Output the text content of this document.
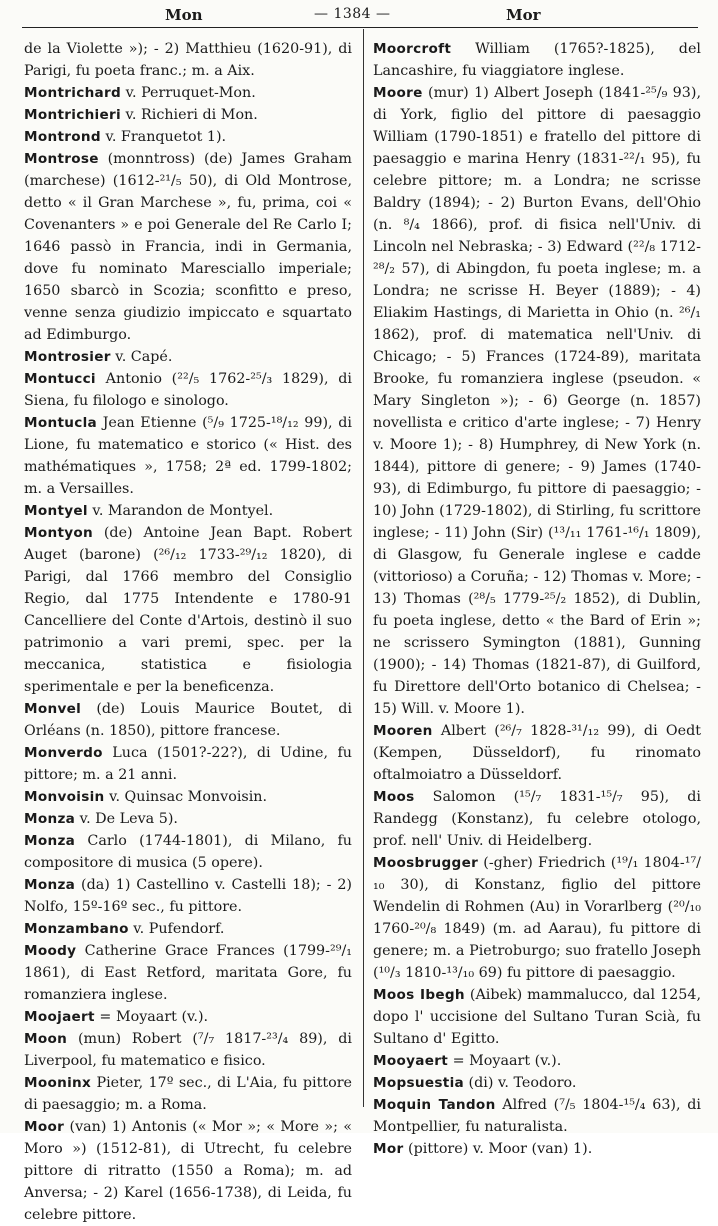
Mon	— 1384 —	Mor

de la Violette »); - 2) Matthieu (1620-91), di Parigi, fu poeta franc.; m. a Aix.

Montrichard v. Perruquet-Mon.

Montrichieri v. Richieri di Mon.

Montrond v. Franquetot 1).

Montrose (monntross) (de) James Graham (marchese) (1612-²¹/₅ 50), di Old Montrose, detto « il Gran Marchese », fu, prima, coi « Covenanters » e poi Generale del Re Carlo I; 1646 passò in Francia, indi in Germania, dove fu nominato Maresciallo imperiale; 1650 sbarcò in Scozia; sconfitto e preso, venne senza giudizio impiccato e squartato ad Edimburgo.

Montrosier v. Capé.

Montucci Antonio (²²/₅ 1762-²⁵/₃ 1829), di Siena, fu filologo e sinologo.

Montucla Jean Etienne (⁵/₉ 1725-¹⁸/₁₂ 99), di Lione, fu matematico e storico (« Hist. des mathématiques », 1758; 2ª ed. 1799-1802; m. a Versailles.

Montyel v. Marandon de Montyel.

Montyon (de) Antoine Jean Bapt. Robert Auget (barone) (²⁶/₁₂ 1733-²⁹/₁₂ 1820), di Parigi, dal 1766 membro del Consiglio Regio, dal 1775 Intendente e 1780-91 Cancelliere del Conte d'Artois, destinò il suo patrimonio a vari premi, spec. per la meccanica, statistica e fisiologia sperimentale e per la beneficenza.

Monvel (de) Louis Maurice Boutet, di Orléans (n. 1850), pittore francese.

Monverdo Luca (1501?-22?), di Udine, fu pittore; m. a 21 anni.

Monvoisin v. Quinsac Monvoisin.

Monza v. De Leva 5).

Monza Carlo (1744-1801), di Milano, fu compositore di musica (5 opere).

Monza (da) 1) Castellino v. Castelli 18); - 2) Nolfo, 15º-16º sec., fu pittore.

Monzambano v. Pufendorf.

Moody Catherine Grace Frances (1799-²⁹/₁ 1861), di East Retford, maritata Gore, fu romanziera inglese.

Moojaert = Moyaart (v.).

Moon (mun) Robert (⁷/₇ 1817-²³/₄ 89), di Liverpool, fu matematico e fisico.

Mooninx Pieter, 17º sec., di L'Aia, fu pittore di paesaggio; m. a Roma.

Moor (van) 1) Antonis (« Mor »; « More »; « Moro ») (1512-81), di Utrecht, fu celebre pittore di ritratto (1550 a Roma); m. ad Anversa; - 2) Karel (1656-1738), di Leida, fu celebre pittore.

Moorcroft William (1765?-1825), del Lancashire, fu viaggiatore inglese.

Moore (mur) 1) Albert Joseph (1841-²⁵/₉ 93), di York, figlio del pittore di paesaggio William (1790-1851) e fratello del pittore di paesaggio e marina Henry (1831-²²/₁ 95), fu celebre pittore; m. a Londra; ne scrisse Baldry (1894); - 2) Burton Evans, dell'Ohio (n. ⁸/₄ 1866), prof. di fisica nell'Univ. di Lincoln nel Nebraska; - 3) Edward (²²/₈ 1712-²⁸/₂ 57), di Abingdon, fu poeta inglese; m. a Londra; ne scrisse H. Beyer (1889); - 4) Eliakim Hastings, di Marietta in Ohio (n. ²⁶/₁ 1862), prof. di matematica nell'Univ. di Chicago; - 5) Frances (1724-89), maritata Brooke, fu romanziera inglese (pseudon. « Mary Singleton »); - 6) George (n. 1857) novellista e critico d'arte inglese; - 7) Henry v. Moore 1); - 8) Humphrey, di New York (n. 1844), pittore di genere; - 9) James (1740-93), di Edimburgo, fu pittore di paesaggio; - 10) John (1729-1802), di Stirling, fu scrittore inglese; - 11) John (Sir) (¹³/₁₁ 1761-¹⁶/₁ 1809), di Glasgow, fu Generale inglese e cadde (vittorioso) a Coruña; - 12) Thomas v. More; - 13) Thomas (²⁸/₅ 1779-²⁵/₂ 1852), di Dublin, fu poeta inglese, detto « the Bard of Erin »; ne scrissero Symington (1881), Gunning (1900); - 14) Thomas (1821-87), di Guilford, fu Direttore dell'Orto botanico di Chelsea; - 15) Will. v. Moore 1).

Mooren Albert (²⁶/₇ 1828-³¹/₁₂ 99), di Oedt (Kempen, Düsseldorf), fu rinomato oftalmoiatro a Düsseldorf.

Moos Salomon (¹⁵/₇ 1831-¹⁵/₇ 95), di Randegg (Konstanz), fu celebre otologo, prof. nell' Univ. di Heidelberg.

Moosbrugger (-gher) Friedrich (¹⁹/₁ 1804-¹⁷/₁₀ 30), di Konstanz, figlio del pittore Wendelin di Rohmen (Au) in Vorarlberg (²⁰/₁₀ 1760-²⁰/₈ 1849) (m. ad Aarau), fu pittore di genere; m. a Pietroburgo; suo fratello Joseph (¹⁰/₃ 1810-¹³/₁₀ 69) fu pittore di paesaggio.

Moos Ibegh (Aibek) mammalucco, dal 1254, dopo l' uccisione del Sultano Turan Scià, fu Sultano d' Egitto.

Mooyaert = Moyaart (v.).

Mopsuestia (di) v. Teodoro.

Moquin Tandon Alfred (⁷/₅ 1804-¹⁵/₄ 63), di Montpellier, fu naturalista.

Mor (pittore) v. Moor (van) 1).
